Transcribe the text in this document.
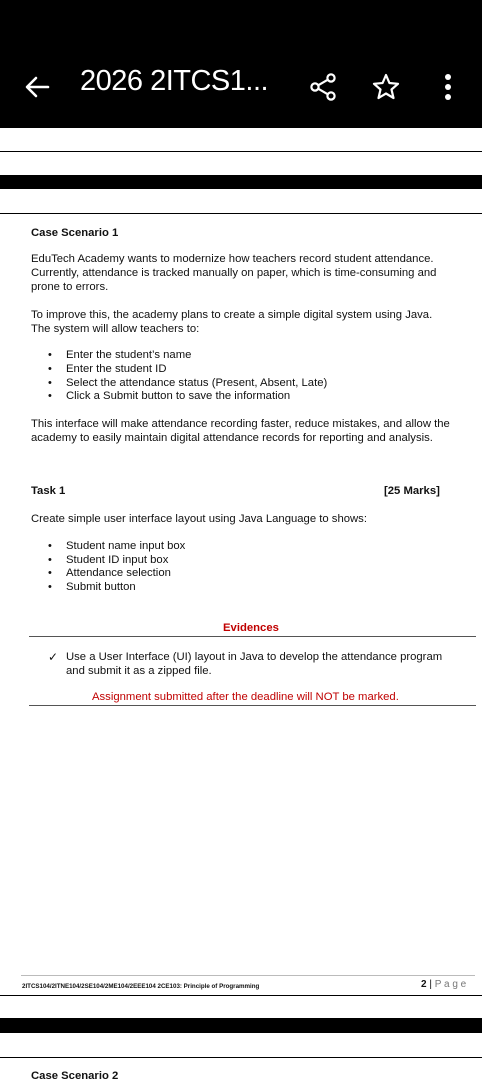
2026 2ITCS1...
Case Scenario 1
EduTech Academy wants to modernize how teachers record student attendance.
Currently, attendance is tracked manually on paper, which is time-consuming and
prone to errors.
To improve this, the academy plans to create a simple digital system using Java.
The system will allow teachers to:
• Enter the student’s name
• Enter the student ID
• Select the attendance status (Present, Absent, Late)
• Click a Submit button to save the information
This interface will make attendance recording faster, reduce mistakes, and allow the
academy to easily maintain digital attendance records for reporting and analysis.
Task 1	[25 Marks]
Create simple user interface layout using Java Language to shows:
• Student name input box
• Student ID input box
• Attendance selection
• Submit button
Evidences
✓ Use a User Interface (UI) layout in Java to develop the attendance program
and submit it as a zipped file.
Assignment submitted after the deadline will NOT be marked.
2ITCS104/2ITNE104/2SE104/2ME104/2EEE104 2CE103: Principle of Programming	2 | P a g e
Case Scenario 2
